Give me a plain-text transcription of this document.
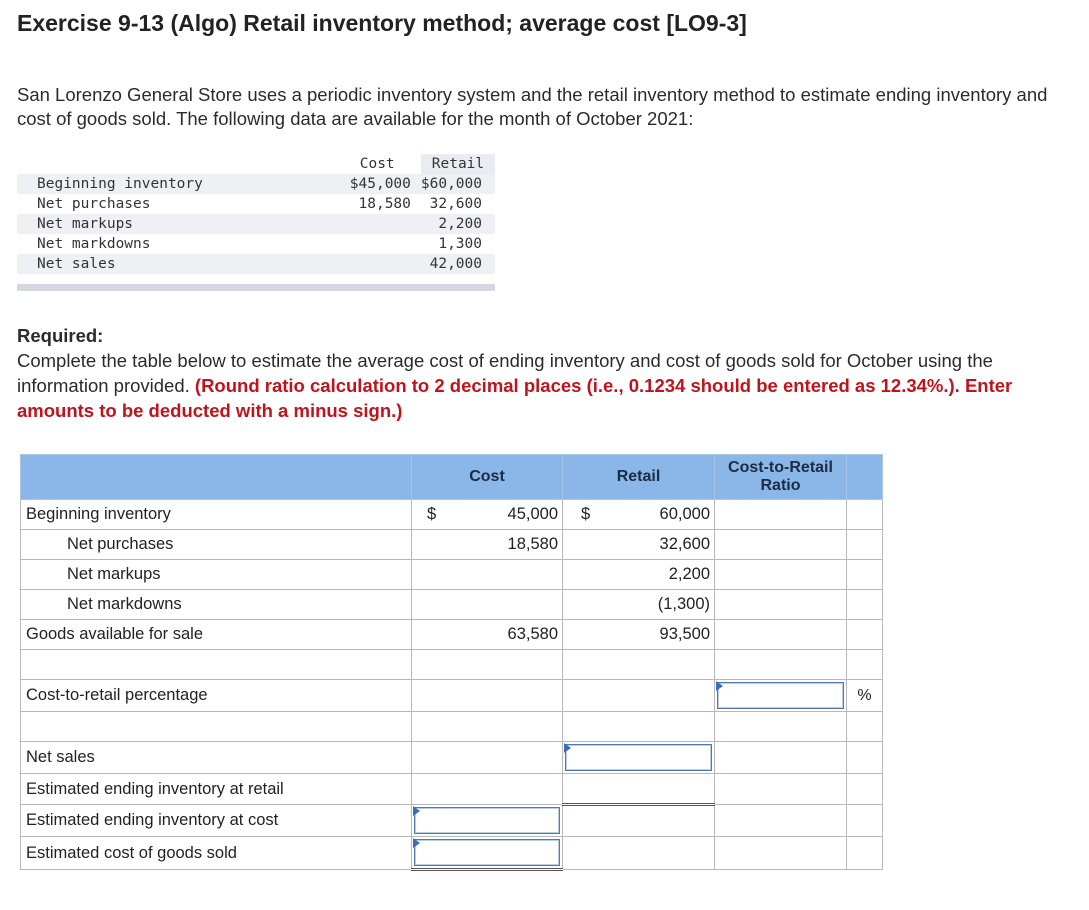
Exercise 9-13 (Algo) Retail inventory method; average cost [LO9-3]
San Lorenzo General Store uses a periodic inventory system and the retail inventory method to estimate ending inventory and cost of goods sold. The following data are available for the month of October 2021:
	Cost	Retail
Beginning inventory	$45,000	$60,000
Net purchases	18,580	32,600
Net markups		2,200
Net markdowns		1,300
Net sales		42,000
Required:
Complete the table below to estimate the average cost of ending inventory and cost of goods sold for October using the information provided. (Round ratio calculation to 2 decimal places (i.e., 0.1234 should be entered as 12.34%.). Enter amounts to be deducted with a minus sign.)
	Cost	Retail	Cost-to-Retail Ratio	
Beginning inventory	$ 45,000	$ 60,000		

Net purchases	18,580	32,600		
Net markups		2,200		
Net markdowns		(1,300)		
Goods available for sale	63,580	93,500		

Cost-to-retail percentage				%

Net sales		

Estimated ending inventory at retail				
Estimated ending inventory at cost	

Estimated cost of goods sold	
